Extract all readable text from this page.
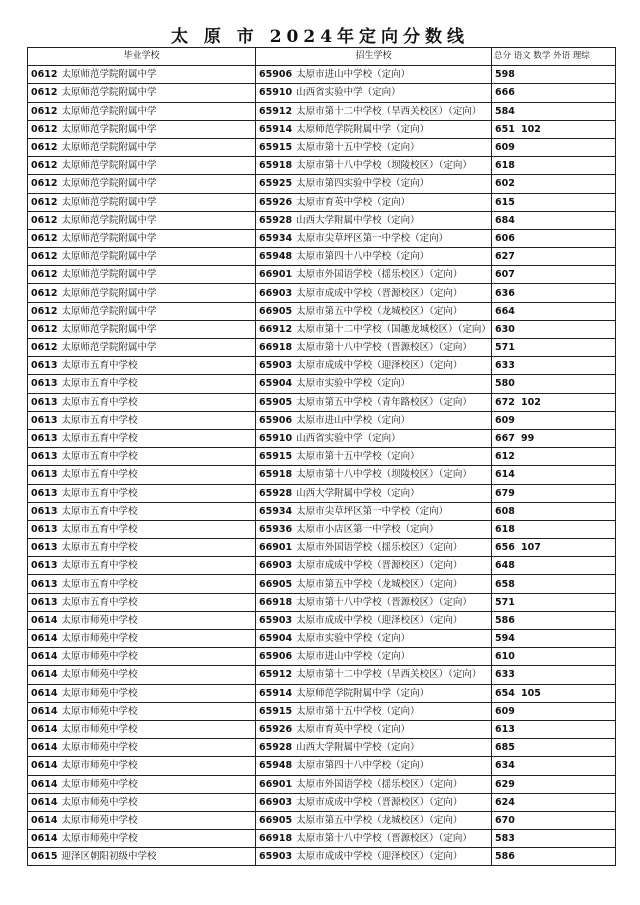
太 原 市 2024年定向分数线
毕业学校	招生学校	总分 语文 数学 外语 理综
0612 太原师范学院附属中学	65906 太原市进山中学校（定向）	598
0612 太原师范学院附属中学	65910 山西省实验中学（定向）	666
0612 太原师范学院附属中学	65912 太原市第十二中学校（旱西关校区）（定向）	584
0612 太原师范学院附属中学	65914 太原师范学院附属中学（定向）	651 102
0612 太原师范学院附属中学	65915 太原市第十五中学校（定向）	609
0612 太原师范学院附属中学	65918 太原市第十八中学校（坝陵校区）（定向）	618
0612 太原师范学院附属中学	65925 太原市第四实验中学校（定向）	602
0612 太原师范学院附属中学	65926 太原市育英中学校（定向）	615
0612 太原师范学院附属中学	65928 山西大学附属中学校（定向）	684
0612 太原师范学院附属中学	65934 太原市尖草坪区第一中学校（定向）	606
0612 太原师范学院附属中学	65948 太原市第四十八中学校（定向）	627
0612 太原师范学院附属中学	66901 太原市外国语学校（揺乐校区）（定向）	607
0612 太原师范学院附属中学	66903 太原市成成中学校（晋源校区）（定向）	636
0612 太原师范学院附属中学	66905 太原市第五中学校（龙城校区）（定向）	664
0612 太原师范学院附属中学	66912 太原市第十二中学校（国趣龙城校区）（定向）	630
0612 太原师范学院附属中学	66918 太原市第十八中学校（晋源校区）（定向）	571
0613 太原市五育中学校	65903 太原市成成中学校（迎泽校区）（定向）	633
0613 太原市五育中学校	65904 太原市实验中学校（定向）	580
0613 太原市五育中学校	65905 太原市第五中学校（青年路校区）（定向）	672 102
0613 太原市五育中学校	65906 太原市进山中学校（定向）	609
0613 太原市五育中学校	65910 山西省实验中学（定向）	667 99
0613 太原市五育中学校	65915 太原市第十五中学校（定向）	612
0613 太原市五育中学校	65918 太原市第十八中学校（坝陵校区）（定向）	614
0613 太原市五育中学校	65928 山西大学附属中学校（定向）	679
0613 太原市五育中学校	65934 太原市尖草坪区第一中学校（定向）	608
0613 太原市五育中学校	65936 太原市小店区第一中学校（定向）	618
0613 太原市五育中学校	66901 太原市外国语学校（揺乐校区）（定向）	656 107
0613 太原市五育中学校	66903 太原市成成中学校（晋源校区）（定向）	648
0613 太原市五育中学校	66905 太原市第五中学校（龙城校区）（定向）	658
0613 太原市五育中学校	66918 太原市第十八中学校（晋源校区）（定向）	571
0614 太原市师苑中学校	65903 太原市成成中学校（迎泽校区）（定向）	586
0614 太原市师苑中学校	65904 太原市实验中学校（定向）	594
0614 太原市师苑中学校	65906 太原市进山中学校（定向）	610
0614 太原市师苑中学校	65912 太原市第十二中学校（旱西关校区）（定向）	633
0614 太原市师苑中学校	65914 太原师范学院附属中学（定向）	654 105
0614 太原市师苑中学校	65915 太原市第十五中学校（定向）	609
0614 太原市师苑中学校	65926 太原市育英中学校（定向）	613
0614 太原市师苑中学校	65928 山西大学附属中学校（定向）	685
0614 太原市师苑中学校	65948 太原市第四十八中学校（定向）	634
0614 太原市师苑中学校	66901 太原市外国语学校（揺乐校区）（定向）	629
0614 太原市师苑中学校	66903 太原市成成中学校（晋源校区）（定向）	624
0614 太原市师苑中学校	66905 太原市第五中学校（龙城校区）（定向）	670
0614 太原市师苑中学校	66918 太原市第十八中学校（晋源校区）（定向）	583
0615 迎泽区朝阳初级中学校	65903 太原市成成中学校（迎泽校区）（定向）	586
